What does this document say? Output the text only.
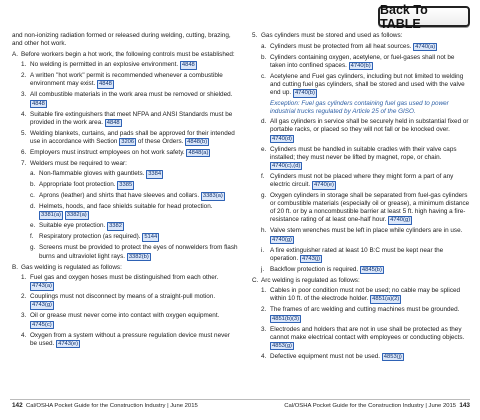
Back To TABLE
and non-ionizing radiation formed or released during welding, cutting, brazing, and other hot work.
A. Before workers begin a hot work, the following controls must be established:
1. No welding is permitted in an explosive environment. 4848
2. A written "hot work" permit is recommended whenever a combustible environment may exist. 4848
3. All combustible materials in the work area must be removed or shielded. 4848
4. Suitable fire extinguishers that meet NFPA and ANSI Standards must be provided in the work area. 4848
5. Welding blankets, curtains, and pads shall be approved for their intended use in accordance with Section 3206 of these Orders. 4848(b)
6. Employers must instruct employees on hot work safety. 4848(a)
7. Welders must be required to wear:
a. Non-flammable gloves with gauntlets. 3384
b. Appropriate foot protection. 3385
c. Aprons (leather) and shirts that have sleeves and collars. 3383(a)
d. Helmets, hoods, and face shields suitable for head protection. 3381(a) 3382(a)
e. Suitable eye protection. 3382
f. Respiratory protection (as required). 5144
g. Screens must be provided to protect the eyes of nonwelders from flash burns and ultraviolet light rays. 3382(b)
B. Gas welding is regulated as follows:
1. Fuel gas and oxygen hoses must be distinguished from each other. 4743(a)
2. Couplings must not disconnect by means of a straight-pull motion. 4743(g)
3. Oil or grease must never come into contact with oxygen equipment. 4745(c)
4. Oxygen from a system without a pressure regulation device must never be used. 4743(e)
5. Gas cylinders must be stored and used as follows:
a. Cylinders must be protected from all heat sources. 4740(a)
b. Cylinders containing oxygen, acetylene, or fuel-gases shall not be taken into confined spaces. 4740(b)
c. Acetylene and Fuel gas cylinders, including but not limited to welding and cutting fuel gas cylinders, shall be stored and used with the valve end up. 4740(b)
Exception: Fuel gas cylinders containing fuel gas used to power industrial trucks regulated by Article 25 of the GISO.
d. All gas cylinders in service shall be securely held in substantial fixed or portable racks, or placed so they will not fall or be knocked over. 4740(d)
e. Cylinders must be handled in suitable cradles with their valve caps installed; they must never be lifted by magnet, rope, or chain. 4740(c),(d)
f. Cylinders must not be placed where they might form a part of any electric circuit. 4740(e)
g. Oxygen cylinders in storage shall be separated from fuel-gas cylinders or combustible materials (especially oil or grease), a minimum distance of 20 ft. or by a noncombustible barrier at least 5 ft. high having a fire-resistance rating of at least one-half hour. 4740(g)
h. Valve stem wrenches must be left in place while cylinders are in use. 4740(g)
i. A fire extinguisher rated at least 10 B:C must be kept near the operation. 4743(j)
j. Backflow protection is required. 4845(b)
C. Arc welding is regulated as follows:
1. Cables in poor condition must not be used; no cable may be spliced within 10 ft. of the electrode holder. 4851(a)(2)
2. The frames of arc welding and cutting machines must be grounded. 4851(b)(3)
3. Electrodes and holders that are not in use shall be protected as they cannot make electrical contact with employees or conducting objects. 4853(g)
4. Defective equipment must not be used. 4853(j)
142 Cal/OSHA Pocket Guide for the Construction Industry | June 2015	Cal/OSHA Pocket Guide for the Construction Industry | June 2015 143
